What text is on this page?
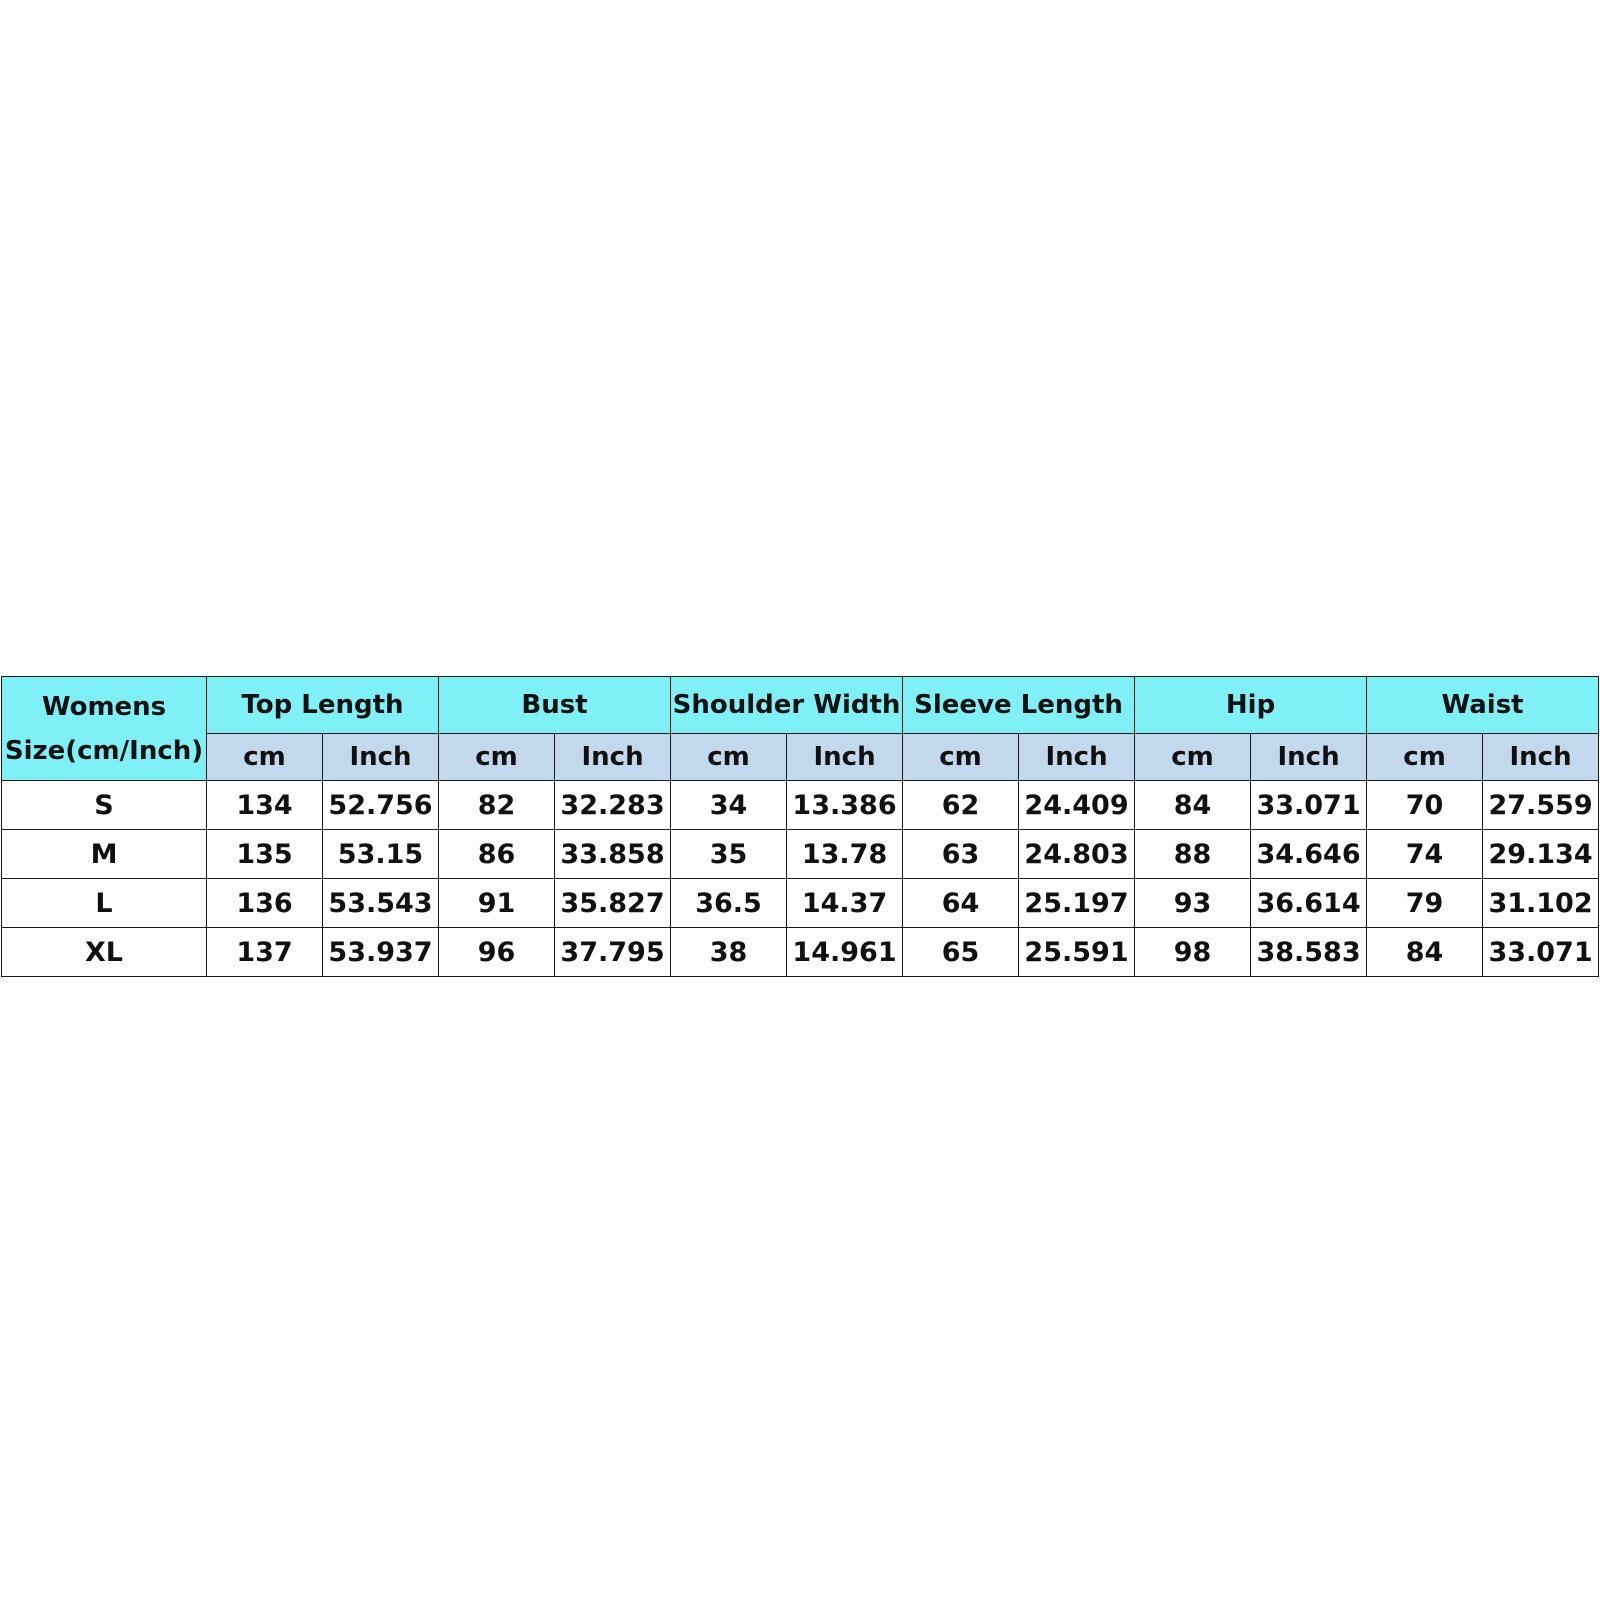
Womens
Size(cm/Inch)	Top Length		Bust		Shoulder Width		Sleeve Length		Hip		Waist	
	cm	Inch	cm	Inch	cm	Inch	cm	Inch	cm	Inch	cm	Inch
S	134	52.756	82	32.283	34	13.386	62	24.409	84	33.071	70	27.559
M	135	53.15	86	33.858	35	13.78	63	24.803	88	34.646	74	29.134
L	136	53.543	91	35.827	36.5	14.37	64	25.197	93	36.614	79	31.102
XL	137	53.937	96	37.795	38	14.961	65	25.591	98	38.583	84	33.071
